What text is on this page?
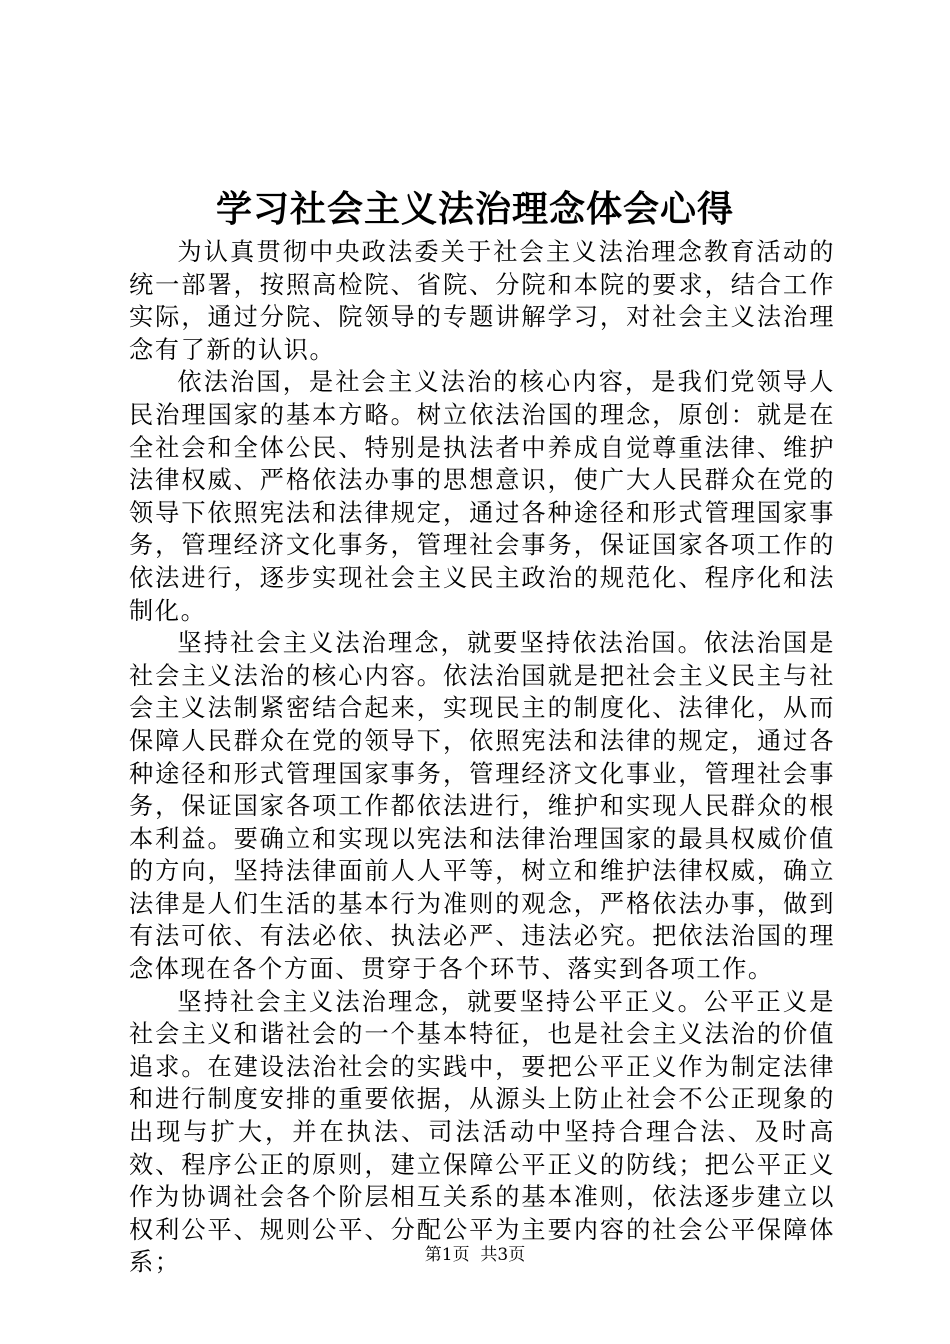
学习社会主义法治理念体会心得

为认真贯彻中央政法委关于社会主义法治理念教育活动的统一部署，按照高检院、省院、分院和本院的要求，结合工作实际，通过分院、院领导的专题讲解学习，对社会主义法治理念有了新的认识。

依法治国，是社会主义法治的核心内容，是我们党领导人民治理国家的基本方略。树立依法治国的理念，原创：就是在全社会和全体公民、特别是执法者中养成自觉尊重法律、维护法律权威、严格依法办事的思想意识，使广大人民群众在党的领导下依照宪法和法律规定，通过各种途径和形式管理国家事务，管理经济文化事务，管理社会事务，保证国家各项工作的依法进行，逐步实现社会主义民主政治的规范化、程序化和法制化。

坚持社会主义法治理念，就要坚持依法治国。依法治国是社会主义法治的核心内容。依法治国就是把社会主义民主与社会主义法制紧密结合起来，实现民主的制度化、法律化，从而保障人民群众在党的领导下，依照宪法和法律的规定，通过各种途径和形式管理国家事务，管理经济文化事业，管理社会事务，保证国家各项工作都依法进行，维护和实现人民群众的根本利益。要确立和实现以宪法和法律治理国家的最具权威价值的方向，坚持法律面前人人平等，树立和维护法律权威，确立法律是人们生活的基本行为准则的观念，严格依法办事，做到有法可依、有法必依、执法必严、违法必究。把依法治国的理念体现在各个方面、贯穿于各个环节、落实到各项工作。

坚持社会主义法治理念，就要坚持公平正义。公平正义是社会主义和谐社会的一个基本特征，也是社会主义法治的价值追求。在建设法治社会的实践中，要把公平正义作为制定法律和进行制度安排的重要依据，从源头上防止社会不公正现象的出现与扩大，并在执法、司法活动中坚持合理合法、及时高效、程序公正的原则，建立保障公平正义的防线；把公平正义作为协调社会各个阶层相互关系的基本准则，依法逐步建立以权利公平、规则公平、分配公平为主要内容的社会公平保障体系；	第1页 共3页
